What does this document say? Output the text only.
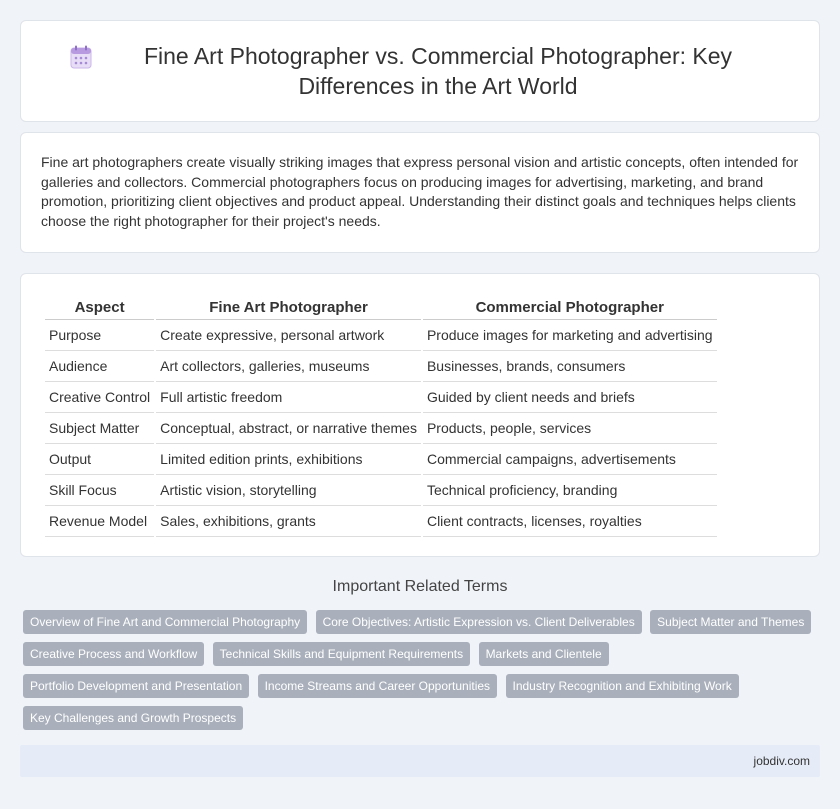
Fine Art Photographer vs. Commercial Photographer: Key Differences in the Art World

Fine art photographers create visually striking images that express personal vision and artistic concepts, often intended for galleries and collectors. Commercial photographers focus on producing images for advertising, marketing, and brand promotion, prioritizing client objectives and product appeal. Understanding their distinct goals and techniques helps clients choose the right photographer for their project's needs.

Aspect	Fine Art Photographer	Commercial Photographer
Purpose	Create expressive, personal artwork	Produce images for marketing and advertising
Audience	Art collectors, galleries, museums	Businesses, brands, consumers
Creative Control	Full artistic freedom	Guided by client needs and briefs
Subject Matter	Conceptual, abstract, or narrative themes	Products, people, services
Output	Limited edition prints, exhibitions	Commercial campaigns, advertisements
Skill Focus	Artistic vision, storytelling	Technical proficiency, branding
Revenue Model	Sales, exhibitions, grants	Client contracts, licenses, royalties
Important Related Terms
Overview of Fine Art and Commercial Photography Core Objectives: Artistic Expression vs. Client Deliverables Subject Matter and Themes Creative Process and Workflow Technical Skills and Equipment Requirements Markets and Clientele Portfolio Development and Presentation Income Streams and Career Opportunities Industry Recognition and Exhibiting Work Key Challenges and Growth Prospects
jobdiv.com
